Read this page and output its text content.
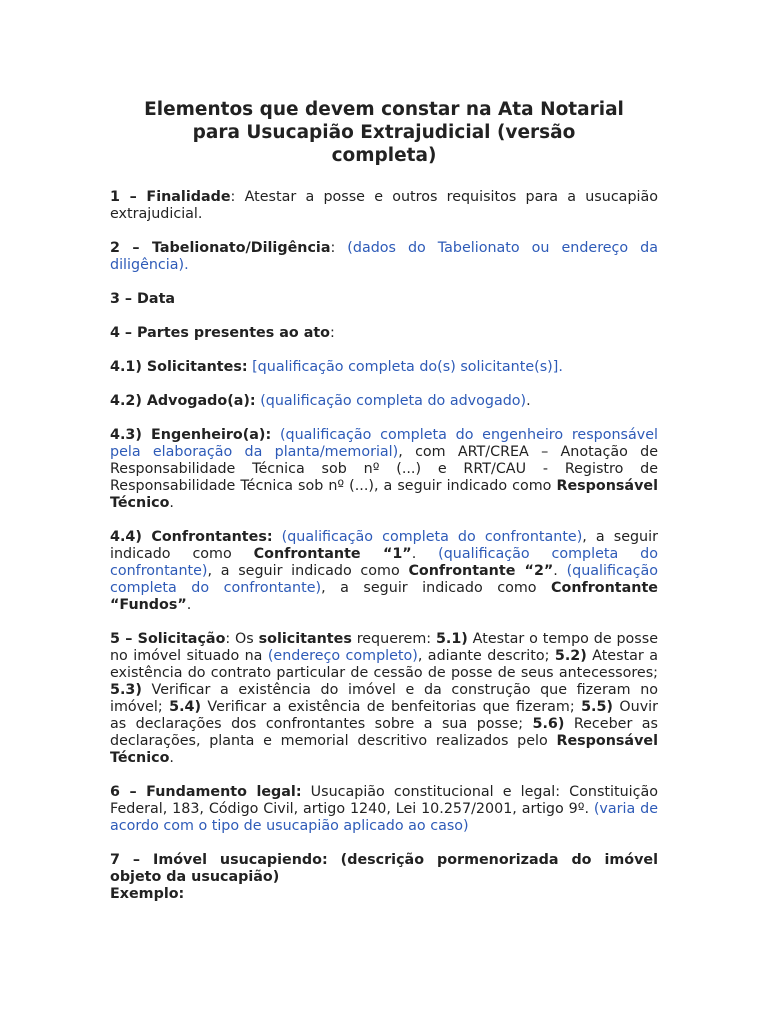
Elementos que devem constar na Ata Notarial
para Usucapião Extrajudicial (versão
completa)

1 – Finalidade: Atestar a posse e outros requisitos para a usucapião extrajudicial.

2 – Tabelionato/Diligência: (dados do Tabelionato ou endereço da diligência).

3 – Data

4 – Partes presentes ao ato:

4.1) Solicitantes: [qualificação completa do(s) solicitante(s)].

4.2) Advogado(a): (qualificação completa do advogado).

4.3) Engenheiro(a): (qualificação completa do engenheiro responsável pela elaboração da planta/memorial), com ART/CREA – Anotação de Responsabilidade Técnica sob nº (...) e RRT/CAU - Registro de Responsabilidade Técnica sob nº (...), a seguir indicado como Responsável Técnico.

4.4) Confrontantes: (qualificação completa do confrontante), a seguir indicado como Confrontante “1”. (qualificação completa do confrontante), a seguir indicado como Confrontante “2”. (qualificação completa do confrontante), a seguir indicado como Confrontante “Fundos”.

5 – Solicitação: Os solicitantes requerem: 5.1) Atestar o tempo de posse no imóvel situado na (endereço completo), adiante descrito; 5.2) Atestar a existência do contrato particular de cessão de posse de seus antecessores; 5.3) Verificar a existência do imóvel e da construção que fizeram no imóvel; 5.4) Verificar a existência de benfeitorias que fizeram; 5.5) Ouvir as declarações dos confrontantes sobre a sua posse; 5.6) Receber as declarações, planta e memorial descritivo realizados pelo Responsável Técnico.

6 – Fundamento legal: Usucapião constitucional e legal: Constituição Federal, 183, Código Civil, artigo 1240, Lei 10.257/2001, artigo 9º. (varia de acordo com o tipo de usucapião aplicado ao caso)

7 – Imóvel usucapiendo: (descrição pormenorizada do imóvel objeto da usucapião)

Exemplo:
